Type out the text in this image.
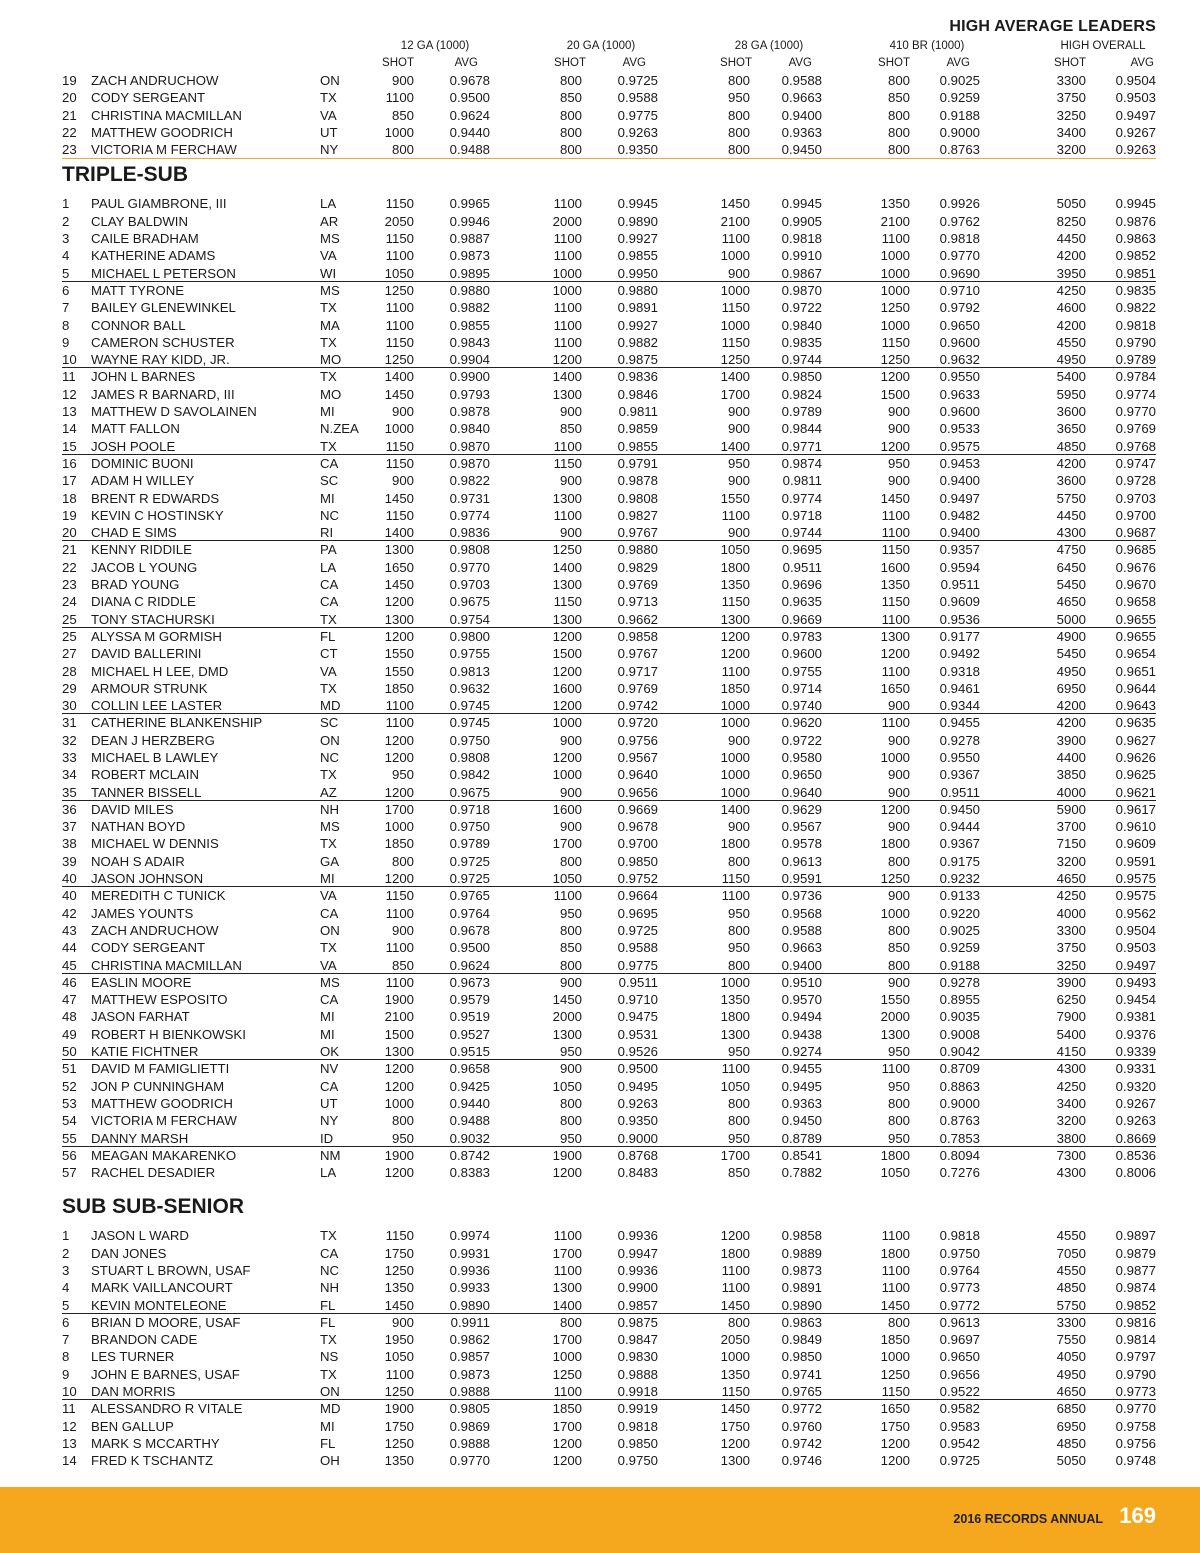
HIGH AVERAGE LEADERS
12 GA (1000)	20 GA (1000)	28 GA (1000)	410 BR (1000)	HIGH OVERALL
SHOT	AVG	SHOT	AVG	SHOT	AVG	SHOT	AVG	SHOT	AVG
19 ZACH ANDRUCHOW	ON	900	0.9678	800	0.9725	800	0.9588	800	0.9025	3300	0.9504
20 CODY SERGEANT	TX	1100	0.9500	850	0.9588	950	0.9663	850	0.9259	3750	0.9503
21 CHRISTINA MACMILLAN	VA	850	0.9624	800	0.9775	800	0.9400	800	0.9188	3250	0.9497
22 MATTHEW GOODRICH	UT	1000	0.9440	800	0.9263	800	0.9363	800	0.9000	3400	0.9267
23 VICTORIA M FERCHAW	NY	800	0.9488	800	0.9350	800	0.9450	800	0.8763	3200	0.9263
TRIPLE-SUB
1 PAUL GIAMBRONE, III	LA	1150	0.9965	1100	0.9945	1450	0.9945	1350	0.9926	5050	0.9945
2 CLAY BALDWIN	AR	2050	0.9946	2000	0.9890	2100	0.9905	2100	0.9762	8250	0.9876
3 CAILE BRADHAM	MS	1150	0.9887	1100	0.9927	1100	0.9818	1100	0.9818	4450	0.9863
4 KATHERINE ADAMS	VA	1100	0.9873	1100	0.9855	1000	0.9910	1000	0.9770	4200	0.9852
5 MICHAEL L PETERSON	WI	1050	0.9895	1000	0.9950	900	0.9867	1000	0.9690	3950	0.9851
6 MATT TYRONE	MS	1250	0.9880	1000	0.9880	1000	0.9870	1000	0.9710	4250	0.9835
7 BAILEY GLENEWINKEL	TX	1100	0.9882	1100	0.9891	1150	0.9722	1250	0.9792	4600	0.9822
8 CONNOR BALL	MA	1100	0.9855	1100	0.9927	1000	0.9840	1000	0.9650	4200	0.9818
9 CAMERON SCHUSTER	TX	1150	0.9843	1100	0.9882	1150	0.9835	1150	0.9600	4550	0.9790
10 WAYNE RAY KIDD, JR.	MO	1250	0.9904	1200	0.9875	1250	0.9744	1250	0.9632	4950	0.9789
11 JOHN L BARNES	TX	1400	0.9900	1400	0.9836	1400	0.9850	1200	0.9550	5400	0.9784
12 JAMES R BARNARD, III	MO	1450	0.9793	1300	0.9846	1700	0.9824	1500	0.9633	5950	0.9774
13 MATTHEW D SAVOLAINEN	MI	900	0.9878	900	0.9811	900	0.9789	900	0.9600	3600	0.9770
14 MATT FALLON	N.ZEA	1000	0.9840	850	0.9859	900	0.9844	900	0.9533	3650	0.9769
15 JOSH POOLE	TX	1150	0.9870	1100	0.9855	1400	0.9771	1200	0.9575	4850	0.9768
16 DOMINIC BUONI	CA	1150	0.9870	1150	0.9791	950	0.9874	950	0.9453	4200	0.9747
17 ADAM H WILLEY	SC	900	0.9822	900	0.9878	900	0.9811	900	0.9400	3600	0.9728
18 BRENT R EDWARDS	MI	1450	0.9731	1300	0.9808	1550	0.9774	1450	0.9497	5750	0.9703
19 KEVIN C HOSTINSKY	NC	1150	0.9774	1100	0.9827	1100	0.9718	1100	0.9482	4450	0.9700
20 CHAD E SIMS	RI	1400	0.9836	900	0.9767	900	0.9744	1100	0.9400	4300	0.9687
21 KENNY RIDDILE	PA	1300	0.9808	1250	0.9880	1050	0.9695	1150	0.9357	4750	0.9685
22 JACOB L YOUNG	LA	1650	0.9770	1400	0.9829	1800	0.9511	1600	0.9594	6450	0.9676
23 BRAD YOUNG	CA	1450	0.9703	1300	0.9769	1350	0.9696	1350	0.9511	5450	0.9670
24 DIANA C RIDDLE	CA	1200	0.9675	1150	0.9713	1150	0.9635	1150	0.9609	4650	0.9658
25 TONY STACHURSKI	TX	1300	0.9754	1300	0.9662	1300	0.9669	1100	0.9536	5000	0.9655
25 ALYSSA M GORMISH	FL	1200	0.9800	1200	0.9858	1200	0.9783	1300	0.9177	4900	0.9655
27 DAVID BALLERINI	CT	1550	0.9755	1500	0.9767	1200	0.9600	1200	0.9492	5450	0.9654
28 MICHAEL H LEE, DMD	VA	1550	0.9813	1200	0.9717	1100	0.9755	1100	0.9318	4950	0.9651
29 ARMOUR STRUNK	TX	1850	0.9632	1600	0.9769	1850	0.9714	1650	0.9461	6950	0.9644
30 COLLIN LEE LASTER	MD	1100	0.9745	1200	0.9742	1000	0.9740	900	0.9344	4200	0.9643
31 CATHERINE BLANKENSHIP	SC	1100	0.9745	1000	0.9720	1000	0.9620	1100	0.9455	4200	0.9635
32 DEAN J HERZBERG	ON	1200	0.9750	900	0.9756	900	0.9722	900	0.9278	3900	0.9627
33 MICHAEL B LAWLEY	NC	1200	0.9808	1200	0.9567	1000	0.9580	1000	0.9550	4400	0.9626
34 ROBERT MCLAIN	TX	950	0.9842	1000	0.9640	1000	0.9650	900	0.9367	3850	0.9625
35 TANNER BISSELL	AZ	1200	0.9675	900	0.9656	1000	0.9640	900	0.9511	4000	0.9621
36 DAVID MILES	NH	1700	0.9718	1600	0.9669	1400	0.9629	1200	0.9450	5900	0.9617
37 NATHAN BOYD	MS	1000	0.9750	900	0.9678	900	0.9567	900	0.9444	3700	0.9610
38 MICHAEL W DENNIS	TX	1850	0.9789	1700	0.9700	1800	0.9578	1800	0.9367	7150	0.9609
39 NOAH S ADAIR	GA	800	0.9725	800	0.9850	800	0.9613	800	0.9175	3200	0.9591
40 JASON JOHNSON	MI	1200	0.9725	1050	0.9752	1150	0.9591	1250	0.9232	4650	0.9575
40 MEREDITH C TUNICK	VA	1150	0.9765	1100	0.9664	1100	0.9736	900	0.9133	4250	0.9575
42 JAMES YOUNTS	CA	1100	0.9764	950	0.9695	950	0.9568	1000	0.9220	4000	0.9562
43 ZACH ANDRUCHOW	ON	900	0.9678	800	0.9725	800	0.9588	800	0.9025	3300	0.9504
44 CODY SERGEANT	TX	1100	0.9500	850	0.9588	950	0.9663	850	0.9259	3750	0.9503
45 CHRISTINA MACMILLAN	VA	850	0.9624	800	0.9775	800	0.9400	800	0.9188	3250	0.9497
46 EASLIN MOORE	MS	1100	0.9673	900	0.9511	1000	0.9510	900	0.9278	3900	0.9493
47 MATTHEW ESPOSITO	CA	1900	0.9579	1450	0.9710	1350	0.9570	1550	0.8955	6250	0.9454
48 JASON FARHAT	MI	2100	0.9519	2000	0.9475	1800	0.9494	2000	0.9035	7900	0.9381
49 ROBERT H BIENKOWSKI	MI	1500	0.9527	1300	0.9531	1300	0.9438	1300	0.9008	5400	0.9376
50 KATIE FICHTNER	OK	1300	0.9515	950	0.9526	950	0.9274	950	0.9042	4150	0.9339
51 DAVID M FAMIGLIETTI	NV	1200	0.9658	900	0.9500	1100	0.9455	1100	0.8709	4300	0.9331
52 JON P CUNNINGHAM	CA	1200	0.9425	1050	0.9495	1050	0.9495	950	0.8863	4250	0.9320
53 MATTHEW GOODRICH	UT	1000	0.9440	800	0.9263	800	0.9363	800	0.9000	3400	0.9267
54 VICTORIA M FERCHAW	NY	800	0.9488	800	0.9350	800	0.9450	800	0.8763	3200	0.9263
55 DANNY MARSH	ID	950	0.9032	950	0.9000	950	0.8789	950	0.7853	3800	0.8669
56 MEAGAN MAKARENKO	NM	1900	0.8742	1900	0.8768	1700	0.8541	1800	0.8094	7300	0.8536
57 RACHEL DESADIER	LA	1200	0.8383	1200	0.8483	850	0.7882	1050	0.7276	4300	0.8006
SUB SUB-SENIOR
1 JASON L WARD	TX	1150	0.9974	1100	0.9936	1200	0.9858	1100	0.9818	4550	0.9897
2 DAN JONES	CA	1750	0.9931	1700	0.9947	1800	0.9889	1800	0.9750	7050	0.9879
3 STUART L BROWN, USAF	NC	1250	0.9936	1100	0.9936	1100	0.9873	1100	0.9764	4550	0.9877
4 MARK VAILLANCOURT	NH	1350	0.9933	1300	0.9900	1100	0.9891	1100	0.9773	4850	0.9874
5 KEVIN MONTELEONE	FL	1450	0.9890	1400	0.9857	1450	0.9890	1450	0.9772	5750	0.9852
6 BRIAN D MOORE, USAF	FL	900	0.9911	800	0.9875	800	0.9863	800	0.9613	3300	0.9816
7 BRANDON CADE	TX	1950	0.9862	1700	0.9847	2050	0.9849	1850	0.9697	7550	0.9814
8 LES TURNER	NS	1050	0.9857	1000	0.9830	1000	0.9850	1000	0.9650	4050	0.9797
9 JOHN E BARNES, USAF	TX	1100	0.9873	1250	0.9888	1350	0.9741	1250	0.9656	4950	0.9790
10 DAN MORRIS	ON	1250	0.9888	1100	0.9918	1150	0.9765	1150	0.9522	4650	0.9773
11 ALESSANDRO R VITALE	MD	1900	0.9805	1850	0.9919	1450	0.9772	1650	0.9582	6850	0.9770
12 BEN GALLUP	MI	1750	0.9869	1700	0.9818	1750	0.9760	1750	0.9583	6950	0.9758
13 MARK S MCCARTHY	FL	1250	0.9888	1200	0.9850	1200	0.9742	1200	0.9542	4850	0.9756
14 FRED K TSCHANTZ	OH	1350	0.9770	1200	0.9750	1300	0.9746	1200	0.9725	5050	0.9748
2016 RECORDS ANNUAL 169
